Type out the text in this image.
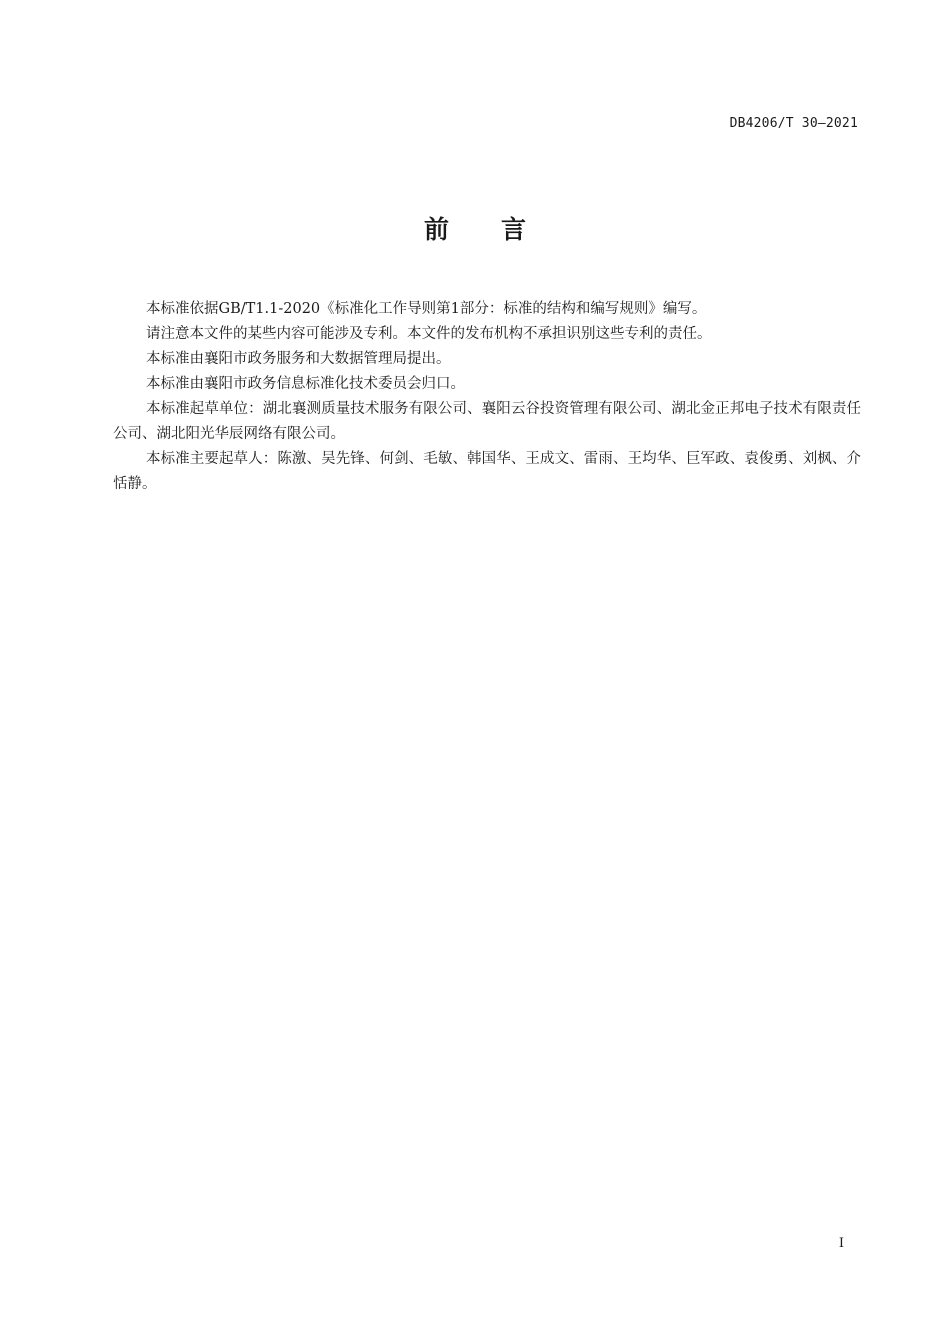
DB4206/T 30—2021
前 言

本标准依据GB/T1.1-2020《标准化工作导则第1部分：标准的结构和编写规则》编写。

请注意本文件的某些内容可能涉及专利。本文件的发布机构不承担识别这些专利的责任。

本标准由襄阳市政务服务和大数据管理局提出。

本标准由襄阳市政务信息标准化技术委员会归口。

本标准起草单位：湖北襄测质量技术服务有限公司、襄阳云谷投资管理有限公司、湖北金正邦电子技术有限责任公司、湖北阳光华辰网络有限公司。

本标准主要起草人：陈激、吴先锋、何剑、毛敏、韩国华、王成文、雷雨、王均华、巨军政、袁俊勇、刘枫、介恬静。

I
